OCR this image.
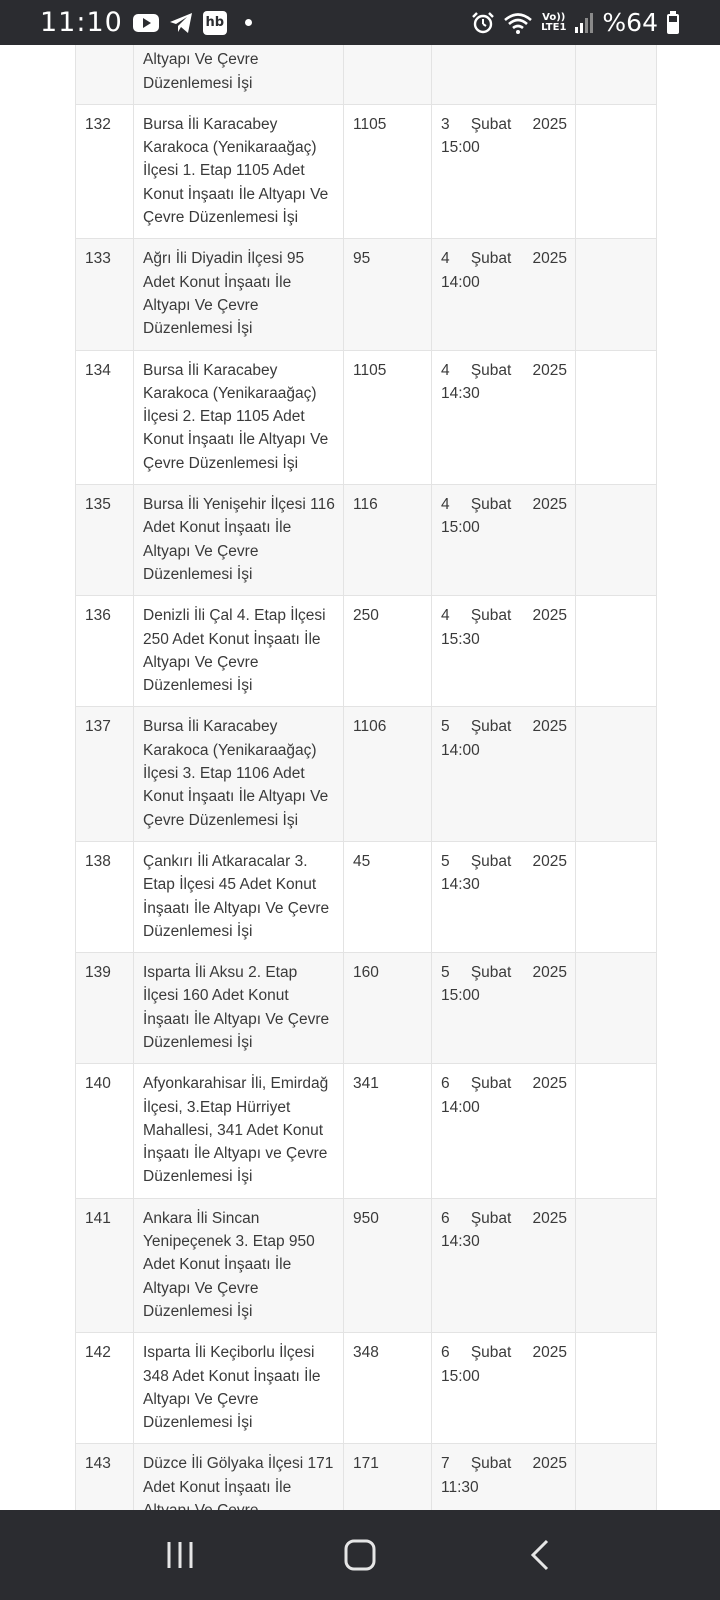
11:10	hb	Vo))
LTE1 %64
	Altyapı Ve Çevre Düzenlemesi İşi		

132	Bursa İli Karacabey Karakoca (Yenikaraağaç) İlçesi 1. Etap 1105 Adet Konut İnşaatı İle Altyapı Ve Çevre Düzenlemesi İşi	1105	3 Şubat 2025
15:00	

133	Ağrı İli Diyadin İlçesi 95 Adet Konut İnşaatı İle Altyapı Ve Çevre Düzenlemesi İşi	95	4 Şubat 2025
14:00	

134	Bursa İli Karacabey Karakoca (Yenikaraağaç) İlçesi 2. Etap 1105 Adet Konut İnşaatı İle Altyapı Ve Çevre Düzenlemesi İşi	1105	4 Şubat 2025
14:30	

135	Bursa İli Yenişehir İlçesi 116 Adet Konut İnşaatı İle Altyapı Ve Çevre Düzenlemesi İşi	116	4 Şubat 2025
15:00	

136	Denizli İli Çal 4. Etap İlçesi 250 Adet Konut İnşaatı İle Altyapı Ve Çevre Düzenlemesi İşi	250	4 Şubat 2025
15:30	

137	Bursa İli Karacabey Karakoca (Yenikaraağaç) İlçesi 3. Etap 1106 Adet Konut İnşaatı İle Altyapı Ve Çevre Düzenlemesi İşi	1106	5 Şubat 2025
14:00	

138	Çankırı İli Atkaracalar 3. Etap İlçesi 45 Adet Konut İnşaatı İle Altyapı Ve Çevre Düzenlemesi İşi	45	5 Şubat 2025
14:30	

139	Isparta İli Aksu 2. Etap İlçesi 160 Adet Konut İnşaatı İle Altyapı Ve Çevre Düzenlemesi İşi	160	5 Şubat 2025
15:00	

140	Afyonkarahisar İli, Emirdağ İlçesi, 3.Etap Hürriyet Mahallesi, 341 Adet Konut İnşaatı İle Altyapı ve Çevre Düzenlemesi İşi	341	6 Şubat 2025
14:00	

141	Ankara İli Sincan Yenipeçenek 3. Etap 950 Adet Konut İnşaatı İle Altyapı Ve Çevre Düzenlemesi İşi	950	6 Şubat 2025
14:30	

142	Isparta İli Keçiborlu İlçesi 348 Adet Konut İnşaatı İle Altyapı Ve Çevre Düzenlemesi İşi	348	6 Şubat 2025
15:00	

143	Düzce İli Gölyaka İlçesi 171 Adet Konut İnşaatı İle	171	7 Şubat 2025
11:30	
